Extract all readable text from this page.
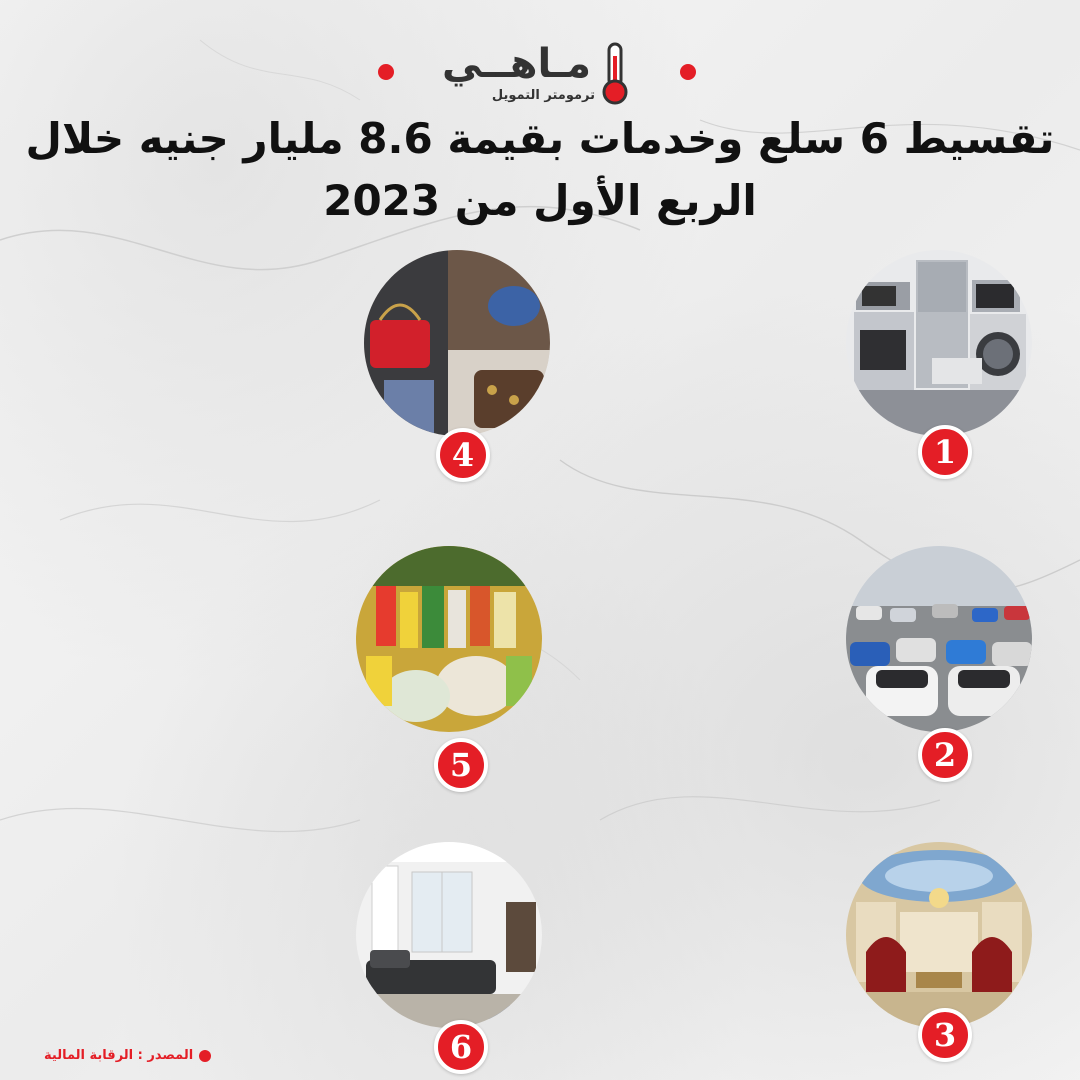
مـاهــي
ترمومتر التمويل
تقسيط 6 سلع وخدمات بقيمة 8.6 مليار جنيه خلال الربع الأول من 2023
1
2
3
4
5
6
المصدر : الرقابة المالية
